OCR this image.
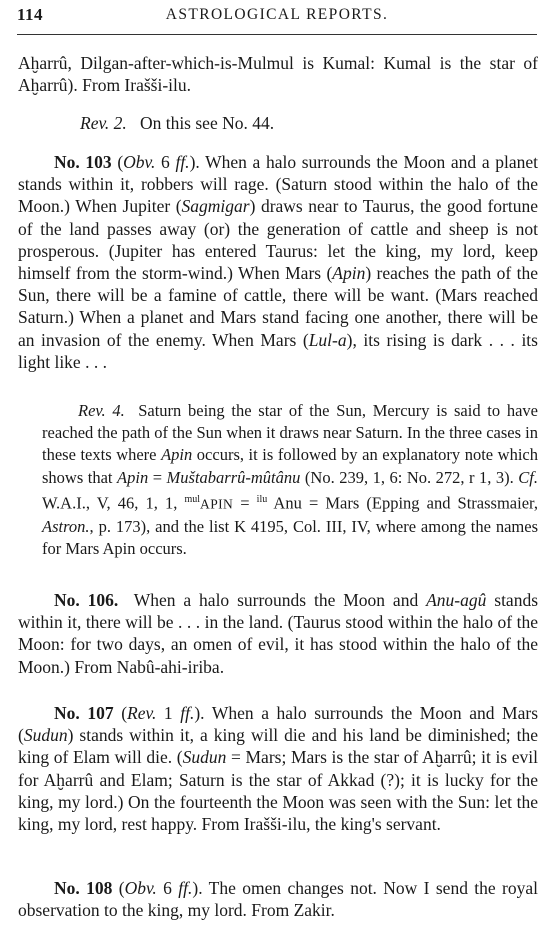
114	ASTROLOGICAL REPORTS.

Aḫarrû, Dilgan-after-which-is-Mulmul is Kumal: Kumal is the star of Aḫarrû). From Irašši-ilu.

Rev. 2. On this see No. 44.

No. 103 (Obv. 6 ff.). When a halo surrounds the Moon and a planet stands within it, robbers will rage. (Saturn stood within the halo of the Moon.) When Jupiter (Sagmigar) draws near to Taurus, the good fortune of the land passes away (or) the generation of cattle and sheep is not prosperous. (Jupiter has entered Taurus: let the king, my lord, keep himself from the storm-wind.) When Mars (Apin) reaches the path of the Sun, there will be a famine of cattle, there will be want. (Mars reached Saturn.) When a planet and Mars stand facing one another, there will be an invasion of the enemy. When Mars (Lul-a), its rising is dark . . . its light like . . .

Rev. 4. Saturn being the star of the Sun, Mercury is said to have reached the path of the Sun when it draws near Saturn. In the three cases in these texts where Apin occurs, it is followed by an explanatory note which shows that Apin = Muštabarrû-mûtânu (No. 239, 1, 6: No. 272, r 1, 3). Cf. W.A.I., V, 46, 1, 1, $^{mul}$APIN = $^{ilu}$ Anu = Mars (Epping and Strassmaier, Astron., p. 173), and the list K 4195, Col. III, IV, where among the names for Mars Apin occurs.

No. 106. When a halo surrounds the Moon and Anu-agû stands within it, there will be . . . in the land. (Taurus stood within the halo of the Moon: for two days, an omen of evil, it has stood within the halo of the Moon.) From Nabû-ahi-iriba.

No. 107 (Rev. 1 ff.). When a halo surrounds the Moon and Mars (Sudun) stands within it, a king will die and his land be diminished; the king of Elam will die. (Sudun = Mars; Mars is the star of Aḫarrû; it is evil for Aḫarrû and Elam; Saturn is the star of Akkad (?); it is lucky for the king, my lord.) On the fourteenth the Moon was seen with the Sun: let the king, my lord, rest happy. From Irašši-ilu, the king's servant.

No. 108 (Obv. 6 ff.). The omen changes not. Now I send the royal observation to the king, my lord. From Zakir.
